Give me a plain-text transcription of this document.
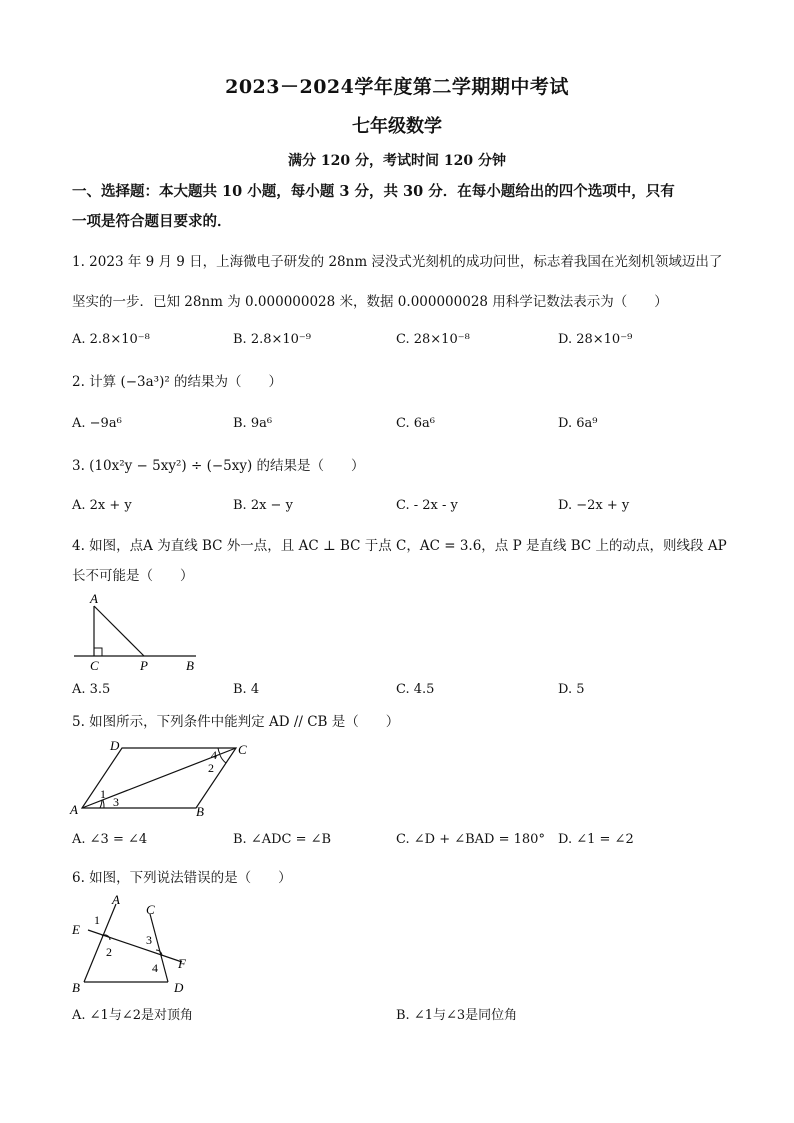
2023－2024学年度第二学期期中考试
七年级数学
满分 120 分，考试时间 120 分钟
一、选择题：本大题共 10 小题，每小题 3 分，共 30 分．在每小题给出的四个选项中，只有
一项是符合题目要求的．
1. 2023 年 9 月 9 日，上海微电子研发的 28nm 浸没式光刻机的成功问世，标志着我国在光刻机领域迈出了
坚实的一步．已知 28nm 为 0.000000028 米，数据 0.000000028 用科学记数法表示为（　　）
A. 2.8×10⁻⁸	B. 2.8×10⁻⁹	C. 28×10⁻⁸	D. 28×10⁻⁹
2. 计算 (−3a³)² 的结果为（　　）
A. −9a⁶	B. 9a⁶	C. 6a⁶	D. 6a⁹
3. (10x²y − 5xy²) ÷ (−5xy) 的结果是（　　）
A. 2x + y	B. 2x − y	C. - 2x - y	D. −2x + y
4. 如图，点A 为直线 BC 外一点，且 AC ⊥ BC 于点 C，AC = 3.6，点 P 是直线 BC 上的动点，则线段 AP
长不可能是（　　）
A
C	P	B
A. 3.5	B. 4	C. 4.5	D. 5
5. 如图所示，下列条件中能判定 AD // CB 是（　　）
D	C
A	B
4
2
1
3
A. ∠3 = ∠4	B. ∠ADC = ∠B	C. ∠D + ∠BAD = 180° D. ∠1 = ∠2
6. 如图，下列说法错误的是（　　）
A
C
E
1
3
2
4 F
B	D
A. ∠1与∠2是对顶角	B. ∠1与∠3是同位角
